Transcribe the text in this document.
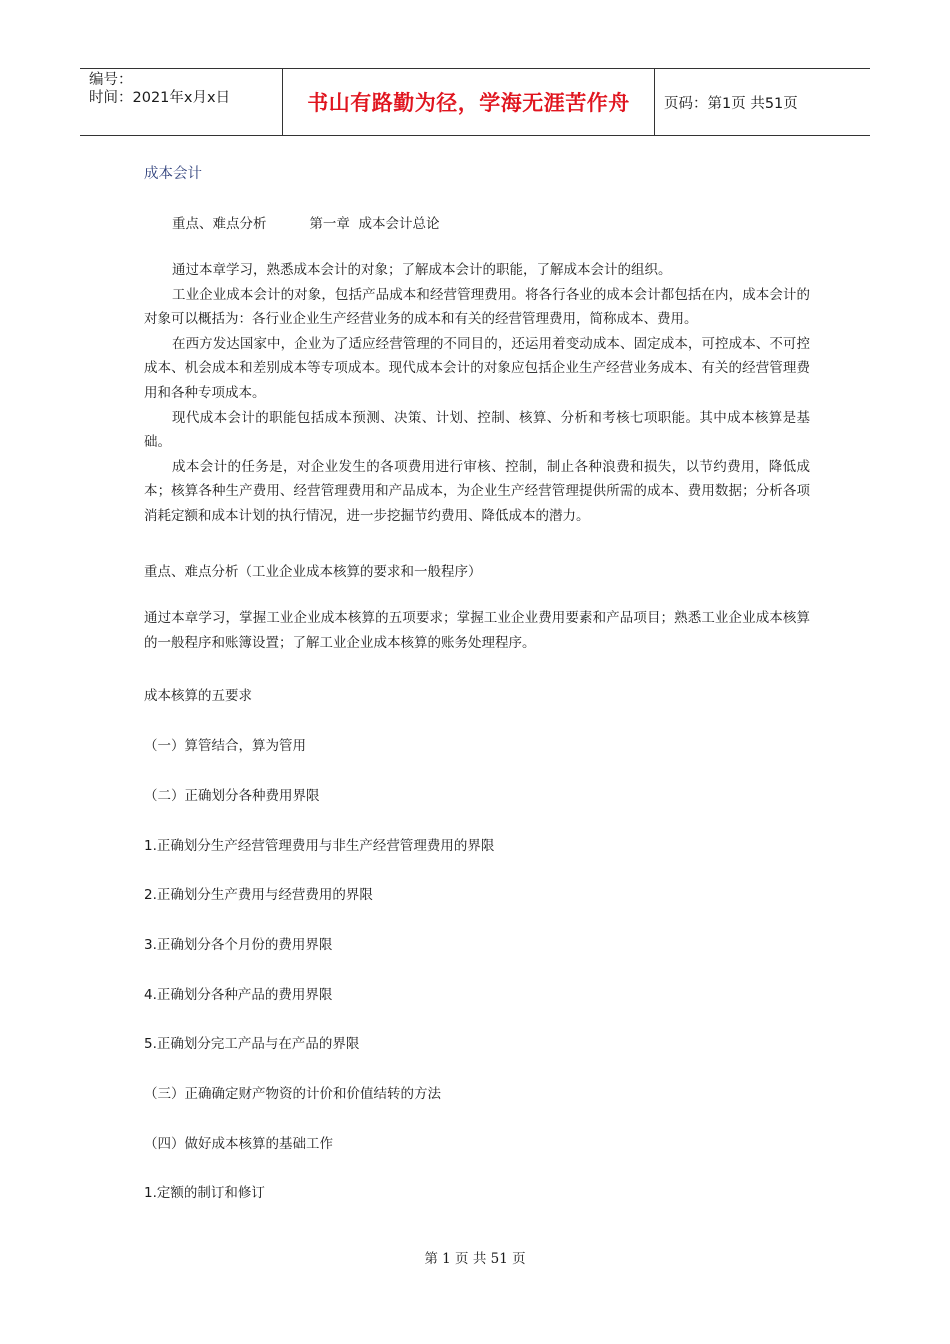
编号：
时间：2021年x月x日	书山有路勤为径，学海无涯苦作舟	页码：第1页 共51页
成本会计
重点、难点分析          第一章  成本会计总论

通过本章学习，熟悉成本会计的对象；了解成本会计的职能，了解成本会计的组织。

工业企业成本会计的对象，包括产品成本和经营管理费用。将各行各业的成本会计都包括在内，成本会计的对象可以概括为：各行业企业生产经营业务的成本和有关的经营管理费用，简称成本、费用。

在西方发达国家中，企业为了适应经营管理的不同目的，还运用着变动成本、固定成本，可控成本、不可控成本、机会成本和差别成本等专项成本。现代成本会计的对象应包括企业生产经营业务成本、有关的经营管理费用和各种专项成本。

现代成本会计的职能包括成本预测、决策、计划、控制、核算、分析和考核七项职能。其中成本核算是基础。

成本会计的任务是，对企业发生的各项费用进行审核、控制，制止各种浪费和损失，以节约费用，降低成本；核算各种生产费用、经营管理费用和产品成本，为企业生产经营管理提供所需的成本、费用数据；分析各项消耗定额和成本计划的执行情况，进一步挖掘节约费用、降低成本的潜力。

重点、难点分析（工业企业成本核算的要求和一般程序）

通过本章学习，掌握工业企业成本核算的五项要求；掌握工业企业费用要素和产品项目；熟悉工业企业成本核算的一般程序和账簿设置；了解工业企业成本核算的账务处理程序。

成本核算的五要求
（一）算管结合，算为管用
（二）正确划分各种费用界限
1.正确划分生产经营管理费用与非生产经营管理费用的界限
2.正确划分生产费用与经营费用的界限
3.正确划分各个月份的费用界限
4.正确划分各种产品的费用界限
5.正确划分完工产品与在产品的界限
（三）正确确定财产物资的计价和价值结转的方法
（四）做好成本核算的基础工作
1.定额的制订和修订
第 1 页 共 51 页
